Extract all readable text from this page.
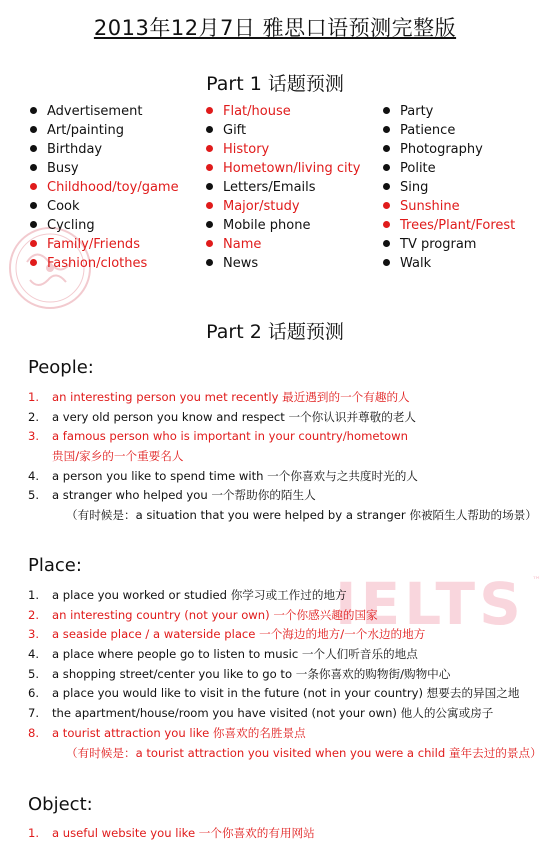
IELTS ™
2013年12月7日 雅思口语预测完整版
Part 1 话题预测
Advertisement
Art/painting
Birthday
Busy
Childhood/toy/game
Cook
Cycling
Family/Friends
Fashion/clothes
Flat/house
Gift
History
Hometown/living city
Letters/Emails
Major/study
Mobile phone
Name
News
Party
Patience
Photography
Polite
Sing
Sunshine
Trees/Plant/Forest
TV program
Walk
Part 2 话题预测
People:
1. an interesting person you met recently 最近遇到的一个有趣的人
2. a very old person you know and respect 一个你认识并尊敬的老人
3. a famous person who is important in your country/hometown
贵国/家乡的一个重要名人
4. a person you like to spend time with 一个你喜欢与之共度时光的人
5. a stranger who helped you 一个帮助你的陌生人
（有时候是：a situation that you were helped by a stranger 你被陌生人帮助的场景）
Place:
1. a place you worked or studied 你学习或工作过的地方
2. an interesting country (not your own) 一个你感兴趣的国家
3. a seaside place / a waterside place 一个海边的地方/一个水边的地方
4. a place where people go to listen to music 一个人们听音乐的地点
5. a shopping street/center you like to go to 一条你喜欢的购物街/购物中心
6. a place you would like to visit in the future (not in your country) 想要去的异国之地
7. the apartment/house/room you have visited (not your own) 他人的公寓或房子
8. a tourist attraction you like 你喜欢的名胜景点
（有时候是：a tourist attraction you visited when you were a child 童年去过的景点）
Object:
1. a useful website you like 一个你喜欢的有用网站
